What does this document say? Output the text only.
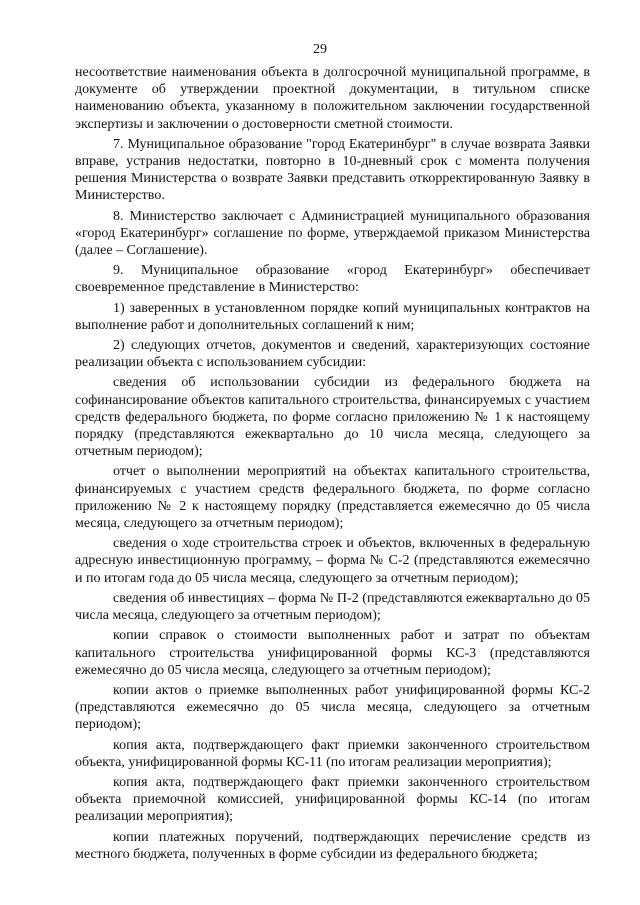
29

несоответствие наименования объекта в долгосрочной муниципальной программе, в документе об утверждении проектной документации, в титульном списке наименованию объекта, указанному в положительном заключении государственной экспертизы и заключении о достоверности сметной стоимости.

7. Муниципальное образование "город Екатеринбург" в случае возврата Заявки вправе, устранив недостатки, повторно в 10-дневный срок с момента получения решения Министерства о возврате Заявки представить откорректированную Заявку в Министерство.

8. Министерство заключает с Администрацией муниципального образования «город Екатеринбург» соглашение по форме, утверждаемой приказом Министерства (далее – Соглашение).

9. Муниципальное образование «город Екатеринбург» обеспечивает своевременное представление в Министерство:

1) заверенных в установленном порядке копий муниципальных контрактов на выполнение работ и дополнительных соглашений к ним;

2) следующих отчетов, документов и сведений, характеризующих состояние реализации объекта с использованием субсидии:

сведения об использовании субсидии из федерального бюджета на софинансирование объектов капитального строительства, финансируемых с участием средств федерального бюджета, по форме согласно приложению № 1 к настоящему порядку (представляются ежеквартально до 10 числа месяца, следующего за отчетным периодом);

отчет о выполнении мероприятий на объектах капитального строительства, финансируемых с участием средств федерального бюджета, по форме согласно приложению № 2 к настоящему порядку (представляется ежемесячно до 05 числа месяца, следующего за отчетным периодом);

сведения о ходе строительства строек и объектов, включенных в федеральную адресную инвестиционную программу, – форма № С-2 (представляются ежемесячно и по итогам года до 05 числа месяца, следующего за отчетным периодом);

сведения об инвестициях – форма № П-2 (представляются ежеквартально до 05 числа месяца, следующего за отчетным периодом);

копии справок о стоимости выполненных работ и затрат по объектам капитального строительства унифицированной формы КС-3 (представляются ежемесячно до 05 числа месяца, следующего за отчетным периодом);

копии актов о приемке выполненных работ унифицированной формы КС-2 (представляются ежемесячно до 05 числа месяца, следующего за отчетным периодом);

копия акта, подтверждающего факт приемки законченного строительством объекта, унифицированной формы КС-11 (по итогам реализации мероприятия);

копия акта, подтверждающего факт приемки законченного строительством объекта приемочной комиссией, унифицированной формы КС-14 (по итогам реализации мероприятия);

копии платежных поручений, подтверждающих перечисление средств из местного бюджета, полученных в форме субсидии из федерального бюджета;
